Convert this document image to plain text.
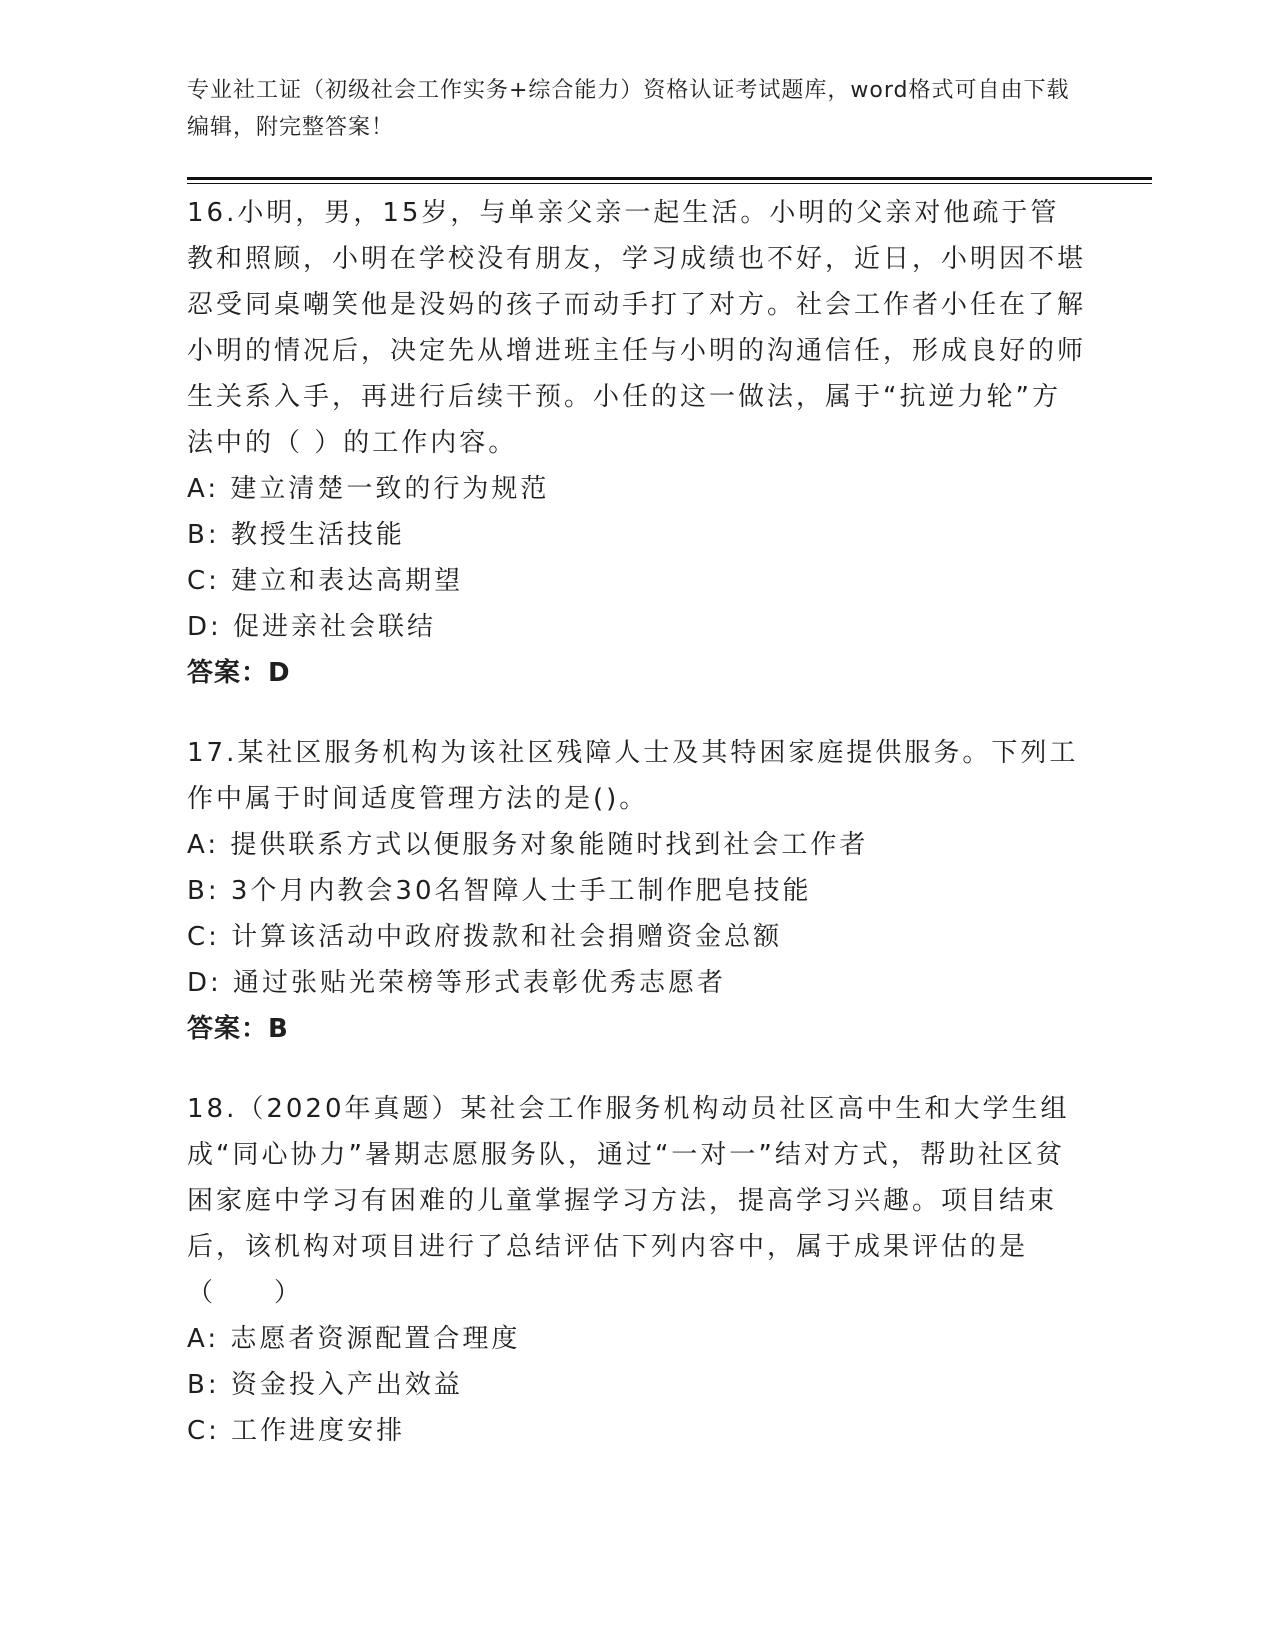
专业社工证（初级社会工作实务+综合能力）资格认证考试题库，word格式可自由下载编辑，附完整答案！

16.小明，男，15岁，与单亲父亲一起生活。小明的父亲对他疏于管教和照顾，小明在学校没有朋友，学习成绩也不好，近日，小明因不堪忍受同桌嘲笑他是没妈的孩子而动手打了对方。社会工作者小任在了解小明的情况后，决定先从增进班主任与小明的沟通信任，形成良好的师生关系入手，再进行后续干预。小任的这一做法，属于“抗逆力轮”方法中的（ ）的工作内容。

A: 建立清楚一致的行为规范

B: 教授生活技能

C: 建立和表达高期望

D: 促进亲社会联结

答案：D

17.某社区服务机构为该社区残障人士及其特困家庭提供服务。下列工作中属于时间适度管理方法的是()。

A: 提供联系方式以便服务对象能随时找到社会工作者

B: 3个月内教会30名智障人士手工制作肥皂技能

C: 计算该活动中政府拨款和社会捐赠资金总额

D: 通过张贴光荣榜等形式表彰优秀志愿者

答案：B

18.（2020年真题）某社会工作服务机构动员社区高中生和大学生组成“同心协力”暑期志愿服务队，通过“一对一”结对方式，帮助社区贫困家庭中学习有困难的儿童掌握学习方法，提高学习兴趣。项目结束后，该机构对项目进行了总结评估下列内容中，属于成果评估的是

（　　）

A: 志愿者资源配置合理度

B: 资金投入产出效益

C: 工作进度安排
